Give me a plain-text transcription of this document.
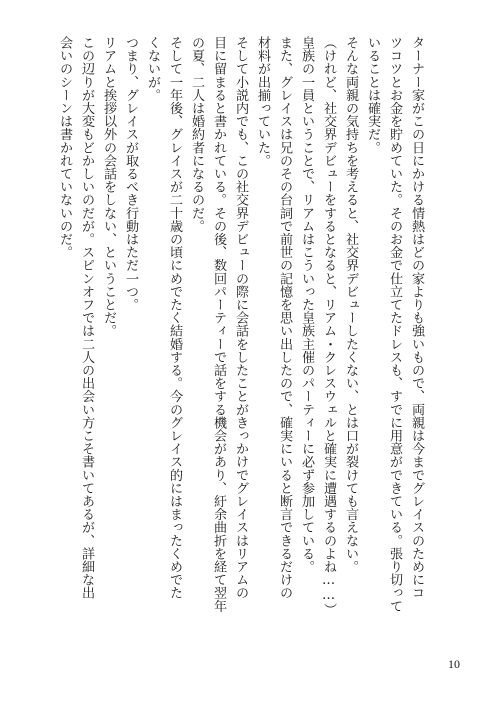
ターナー家がこの日にかける情熱はどの家よりも強いもので、両親は今までグレイスのためにコ
ツコツとお金を貯めていた。そのお金で仕立てたドレスも、すでに用意ができている。張り切って
いることは確実だ。
そんな両親の気持ちを考えると、社交界デビューしたくない、とは口が裂けても言えない。
（けれど、社交界デビューをするとなると、リアム・クレスウェルと確実に遭遇するのよね……）
皇族の一員ということで、リアムはこういった皇族主催のパーティーに必ず参加している。
また、グレイスは兄のその台詞で前世の記憶を思い出したので、確実にいると断言できるだけの
材料が出揃っていた。
そして小説内でも、この社交界デビューの際に会話をしたことがきっかけでグレイスはリアムの
目に留まると書かれている。その後、数回パーティーで話をする機会があり、紆余曲折を経て翌年
の夏、二人は婚約者になるのだ。
そして一年後、グレイスが二十歳の頃にめでたく結婚する。今のグレイス的にはまったくめでた
くないが。
つまり、グレイスが取るべき行動はただ一つ。
リアムと挨拶以外の会話をしない、ということだ。
この辺りが大変もどかしいのだが。スピンオフでは二人の出会い方こそ書いてあるが、詳細な出
会いのシーンは書かれていないのだ。
10
